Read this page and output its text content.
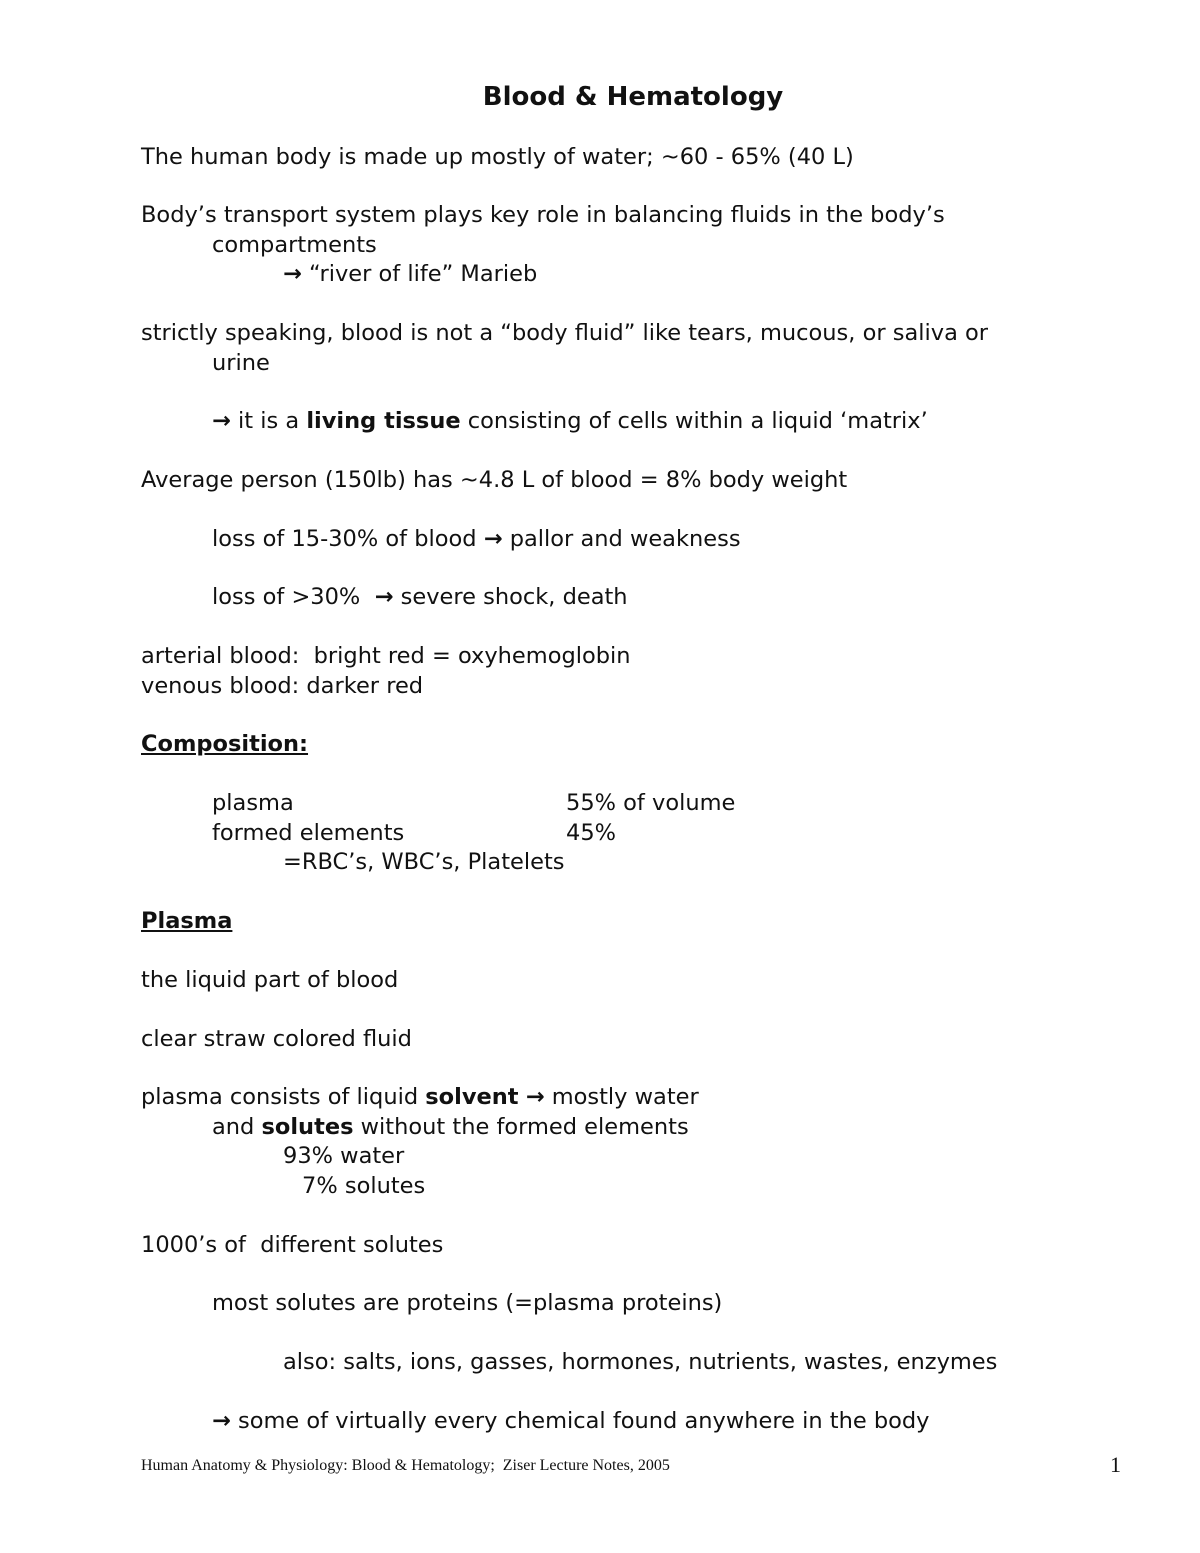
Blood & Hematology

The human body is made up mostly of water; ~60 - 65% (40 L)

Body’s transport system plays key role in balancing fluids in the body’s

compartments

→ “river of life” Marieb

strictly speaking, blood is not a “body fluid” like tears, mucous, or saliva or

urine

→ it is a living tissue consisting of cells within a liquid ‘matrix’

Average person (150lb) has ~4.8 L of blood = 8% body weight

loss of 15-30% of blood → pallor and weakness

loss of >30%  → severe shock, death

arterial blood:  bright red = oxyhemoglobin

venous blood: darker red

Composition:

plasma	55% of volume

formed elements	45%

=RBC’s, WBC’s, Platelets

Plasma

the liquid part of blood

clear straw colored fluid

plasma consists of liquid solvent → mostly water

and solutes without the formed elements

93% water

7% solutes

1000’s of  different solutes

most solutes are proteins (=plasma proteins)

also: salts, ions, gasses, hormones, nutrients, wastes, enzymes

→ some of virtually every chemical found anywhere in the body

Human Anatomy & Physiology: Blood & Hematology;  Ziser Lecture Notes, 2005	1
